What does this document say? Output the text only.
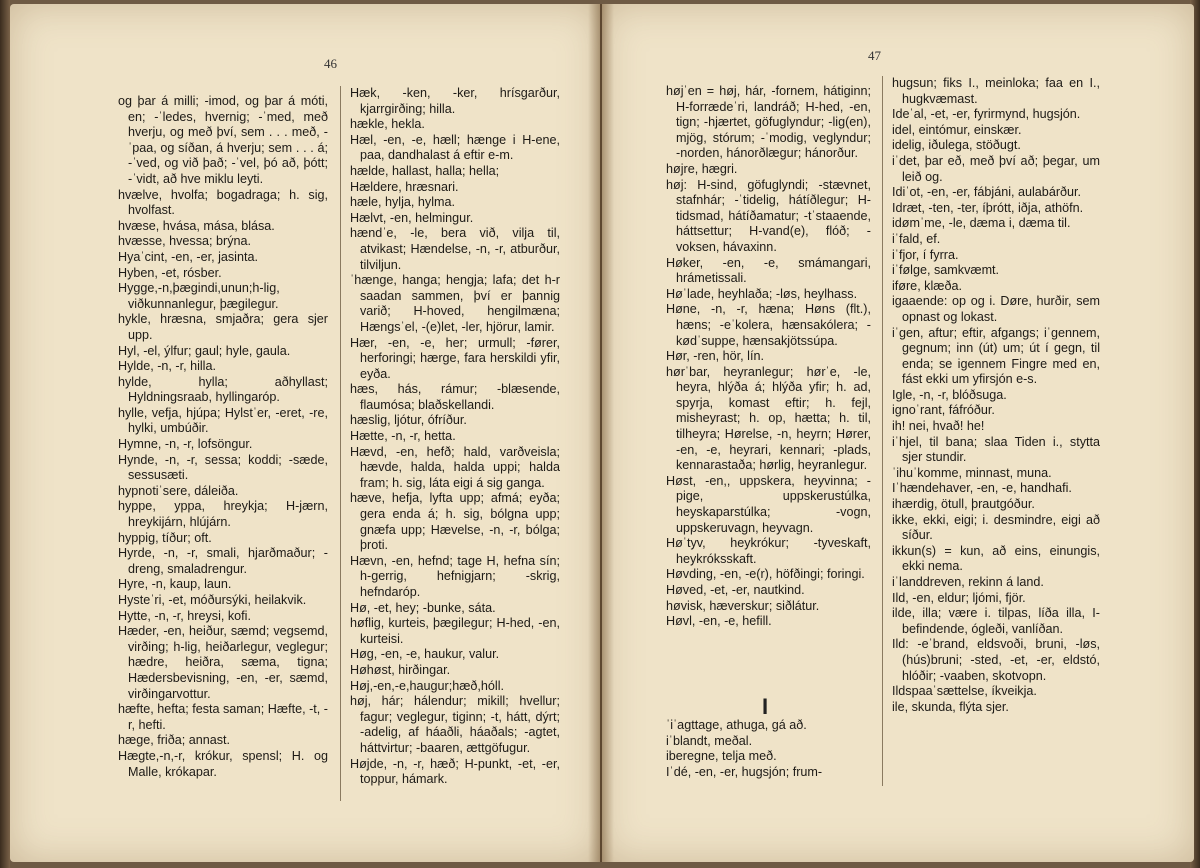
46

og þar á milli; -imod, og þar á móti, en; -ˈledes, hvernig; -ˈmed, með hverju, og með því, sem . . . með, -ˈpaa, og síðan, á hverju; sem . . . á; -ˈved, og við það; -ˈvel, þó að, þótt; -ˈvidt, að hve miklu leyti.

hvælve, hvolfa; bogadraga; h. sig, hvolfast.

hvæse, hvása, mása, blása.

hvæsse, hvessa; brýna.

Hyaˈcint, -en, -er, jasinta.

Hyben, -et, rósber.

Hygge,-n,þægindi,unun;h-lig, viðkunnanlegur, þægilegur.

hykle, hræsna, smjaðra; gera sjer upp.

Hyl, -el, ýlfur; gaul; hyle, gaula.

Hylde, -n, -r, hilla.

hylde, hylla; aðhyllast; Hyldningsraab, hyllingaróp.

hylle, vefja, hjúpa; Hylstˈer, -eret, -re, hylki, umbúðir.

Hymne, -n, -r, lofsöngur.

Hynde, -n, -r, sessa; koddi; -sæde, sessusæti.

hypnotiˈsere, dáleiða.

hyppe, yppa, hreykja; H-jærn, hreykijárn, hlújárn.

hyppig, tíður; oft.

Hyrde, -n, -r, smali, hjarðmaður; -dreng, smaladrengur.

Hyre, -n, kaup, laun.

Hysteˈri, -et, móðursýki, heilakvik.

Hytte, -n, -r, hreysi, kofi.

Hæder, -en, heiður, sæmd; vegsemd, virðing; h-lig, heiðarlegur, veglegur; hædre, heiðra, sæma, tigna; Hædersbevisning, -en, -er, sæmd, virðingarvottur.

hæfte, hefta; festa saman; Hæfte, -t, -r, hefti.

hæge, friða; annast.

Hægte,-n,-r, krókur, spensl; H. og Malle, krókapar.

Hæk, -ken, -ker, hrísgarður, kjarrgirðing; hilla.

hækle, hekla.

Hæl, -en, -e, hæll; hænge i H-ene, paa, dandhalast á eftir e-m.

hælde, hallast, halla; hella;

Hældere, hræsnari.

hæle, hylja, hylma.

Hælvt, -en, helmingur.

hændˈe, -le, bera við, vilja til, atvikast; Hændelse, -n, -r, atburður, tilviljun.

ˈhænge, hanga; hengja; lafa; det h-r saadan sammen, því er þannig varið; H-hoved, hengilmæna; Hængsˈel, -(e)let, -ler, hjörur, lamir.

Hær, -en, -e, her; urmull; -fører, herforingi; hærge, fara herskildi yfir, eyða.

hæs, hás, rámur; -blæsende, flaumósa; blaðskellandi.

hæslig, ljótur, ófríður.

Hætte, -n, -r, hetta.

Hævd, -en, hefð; hald, varðveisla; hævde, halda, halda uppi; halda fram; h. sig, láta eigi á sig ganga.

hæve, hefja, lyfta upp; afmá; eyða; gera enda á; h. sig, bólgna upp; gnæfa upp; Hævelse, -n, -r, bólga; þroti.

Hævn, -en, hefnd; tage H, hefna sín; h-gerrig, hefnigjarn; -skrig, hefndaróp.

Hø, -et, hey; -bunke, sáta.

høflig, kurteis, þægilegur; H-hed, -en, kurteisi.

Høg, -en, -e, haukur, valur.

Høhøst, hirðingar.

Høj,-en,-e,haugur;hæð,hóll.

høj, hár; hálendur; mikill; hvellur; fagur; veglegur, tiginn; -t, hátt, dýrt; -adelig, af háaðli, háaðals; -agtet, háttvirtur; -baaren, ættgöfugur.

Højde, -n, -r, hæð; H-punkt, -et, -er, toppur, hámark.

47

højˈen = høj, hár, -fornem, hátiginn; H-forrædeˈri, landráð; H-hed, -en, tign; -hjærtet, göfuglyndur; -lig(en), mjög, stórum; -ˈmodig, veglyndur; -norden, hánorðlægur; hánorður.

højre, hægri.

høj: H-sind, göfuglyndi; -stævnet, stafnhár; -ˈtidelig, hátíðlegur; H-tidsmad, hátíðamatur; -tˈstaaende, háttsettur; H-vand(e), flóð; -voksen, hávaxinn.

Høker, -en, -e, smámangari, hrámetissali.

Høˈlade, heyhlaða; -løs, heylhass.

Høne, -n, -r, hæna; Høns (flt.), hæns; -eˈkolera, hænsakólera; -kødˈsuppe, hænsakjötssúpa.

Hør, -ren, hör, lín.

hørˈbar, heyranlegur; hørˈe, -le, heyra, hlýða á; hlýða yfir; h. ad, spyrja, komast eftir; h. fejl, misheyrast; h. op, hætta; h. til, tilheyra; Hørelse, -n, heyrn; Hører, -en, -e, heyrari, kennari; -plads, kennarastaða; hørlig, heyranlegur.

Høst, -en,, uppskera, heyvinna; -pige, uppskerustúlka, heyskaparstúlka; -vogn, uppskeruvagn, heyvagn.

Høˈtyv, heykrókur; -tyveskaft, heykróksskaft.

Høvding, -en, -e(r), höfðingi; foringi.

Høved, -et, -er, nautkind.

høvisk, hæverskur; siðlátur.

Høvl, -en, -e, hefill.

I

ˈiˈagttage, athuga, gá að.

iˈblandt, meðal.

iberegne, telja með.

Iˈdé, -en, -er, hugsjón; frum-

hugsun; fiks I., meinloka; faa en I., hugkvæmast.

Ideˈal, -et, -er, fyrirmynd, hugsjón.

idel, eintómur, einskær.

idelig, iðulega, stöðugt.

iˈdet, þar eð, með því að; þegar, um leið og.

Idiˈot, -en, -er, fábjáni, aulabárður.

Idræt, -ten, -ter, íþrótt, iðja, athöfn.

idømˈme, -le, dæma i, dæma til.

iˈfald, ef.

iˈfjor, í fyrra.

iˈfølge, samkvæmt.

iføre, klæða.

igaaende: op og i. Døre, hurðir, sem opnast og lokast.

iˈgen, aftur; eftir, afgangs; iˈgennem, gegnum; inn (út) um; út í gegn, til enda; se igennem Fingre med en, fást ekki um yfirsjón e-s.

Igle, -n, -r, blóðsuga.

ignoˈrant, fáfróður.

ih! nei, hvað! he!

iˈhjel, til bana; slaa Tiden i., stytta sjer stundir.

ˈihuˈkomme, minnast, muna.

Iˈhændehaver, -en, -e, handhafi.

ihærdig, ötull, þrautgóður.

ikke, ekki, eigi; i. desmindre, eigi að síður.

ikkun(s) = kun, að eins, einungis, ekki nema.

iˈlanddreven, rekinn á land.

Ild, -en, eldur; ljómi, fjör.

ilde, illa; være i. tilpas, líða illa, I-befindende, ógleði, vanlíðan.

Ild: -eˈbrand, eldsvoði, bruni, -løs, (hús)bruni; -sted, -et, -er, eldstó, hlóðir; -vaaben, skotvopn.

Ildspaaˈsættelse, íkveikja.

ile, skunda, flýta sjer.
